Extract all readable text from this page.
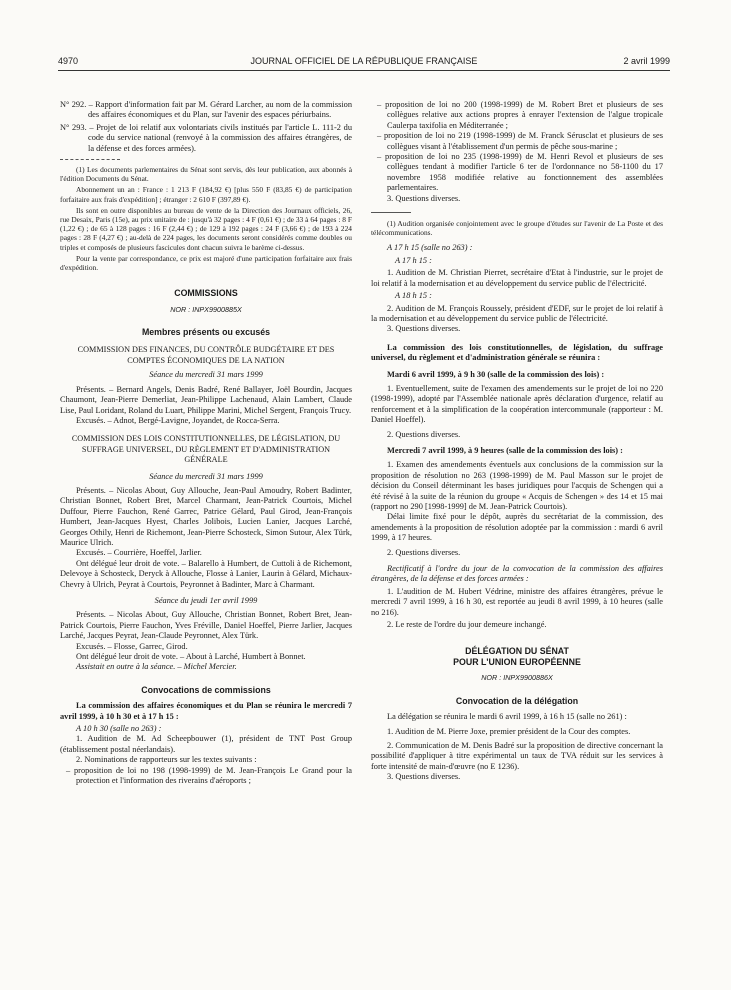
4970	JOURNAL OFFICIEL DE LA RÉPUBLIQUE FRANÇAISE	2 avril 1999

N° 292. – Rapport d'information fait par M. Gérard Larcher, au nom de la commission des affaires économiques et du Plan, sur l'avenir des espaces périurbains.

N° 293. – Projet de loi relatif aux volontariats civils institués par l'article L. 111-2 du code du service national (renvoyé à la commission des affaires étrangères, de la défense et des forces armées).

(1) Les documents parlementaires du Sénat sont servis, dès leur publication, aux abonnés à l'édition Documents du Sénat.

Abonnement un an : France : 1 213 F (184,92 €) [plus 550 F (83,85 €) de participation forfaitaire aux frais d'expédition] ; étranger : 2 610 F (397,89 €).

Ils sont en outre disponibles au bureau de vente de la Direction des Journaux officiels, 26, rue Desaix, Paris (15e), au prix unitaire de : jusqu'à 32 pages : 4 F (0,61 €) ; de 33 à 64 pages : 8 F (1,22 €) ; de 65 à 128 pages : 16 F (2,44 €) ; de 129 à 192 pages : 24 F (3,66 €) ; de 193 à 224 pages : 28 F (4,27 €) ; au-delà de 224 pages, les documents seront considérés comme doubles ou triples et composés de plusieurs fascicules dont chacun suivra le barème ci-dessus.

Pour la vente par correspondance, ce prix est majoré d'une participation forfaitaire aux frais d'expédition.

COMMISSIONS

NOR : INPX9900885X

Membres présents ou excusés

COMMISSION DES FINANCES, DU CONTRÔLE BUDGÉTAIRE ET DES COMPTES ÉCONOMIQUES DE LA NATION

Séance du mercredi 31 mars 1999

Présents. – Bernard Angels, Denis Badré, René Ballayer, Joël Bourdin, Jacques Chaumont, Jean-Pierre Demerliat, Jean-Philippe Lachenaud, Alain Lambert, Claude Lise, Paul Loridant, Roland du Luart, Philippe Marini, Michel Sergent, François Trucy.

Excusés. – Adnot, Bergé-Lavigne, Joyandet, de Rocca-Serra.

COMMISSION DES LOIS CONSTITUTIONNELLES, DE LÉGISLATION, DU SUFFRAGE UNIVERSEL, DU RÈGLEMENT ET D'ADMINISTRATION GÉNÉRALE

Séance du mercredi 31 mars 1999

Présents. – Nicolas About, Guy Allouche, Jean-Paul Amoudry, Robert Badinter, Christian Bonnet, Robert Bret, Marcel Charmant, Jean-Patrick Courtois, Michel Duffour, Pierre Fauchon, René Garrec, Patrice Gélard, Paul Girod, Jean-François Humbert, Jean-Jacques Hyest, Charles Jolibois, Lucien Lanier, Jacques Larché, Georges Othily, Henri de Richemont, Jean-Pierre Schosteck, Simon Sutour, Alex Türk, Maurice Ulrich.

Excusés. – Courrière, Hoeffel, Jarlier.

Ont délégué leur droit de vote. – Balarello à Humbert, de Cuttoli à de Richemont, Delevoye à Schosteck, Deryck à Allouche, Flosse à Lanier, Laurin à Gélard, Michaux-Chevry à Ulrich, Peyrat à Courtois, Peyronnet à Badinter, Marc à Charmant.

Séance du jeudi 1er avril 1999

Présents. – Nicolas About, Guy Allouche, Christian Bonnet, Robert Bret, Jean-Patrick Courtois, Pierre Fauchon, Yves Fréville, Daniel Hoeffel, Pierre Jarlier, Jacques Larché, Jacques Peyrat, Jean-Claude Peyronnet, Alex Türk.

Excusés. – Flosse, Garrec, Girod.

Ont délégué leur droit de vote. – About à Larché, Humbert à Bonnet.

Assistait en outre à la séance. – Michel Mercier.

Convocations de commissions

La commission des affaires économiques et du Plan se réunira le mercredi 7 avril 1999, à 10 h 30 et à 17 h 15 :

A 10 h 30 (salle no 263) :

1. Audition de M. Ad Scheepbouwer (1), président de TNT Post Group (établissement postal néerlandais).

2. Nominations de rapporteurs sur les textes suivants :

– proposition de loi no 198 (1998-1999) de M. Jean-François Le Grand pour la protection et l'information des riverains d'aéroports ;

– proposition de loi no 200 (1998-1999) de M. Robert Bret et plusieurs de ses collègues relative aux actions propres à enrayer l'extension de l'algue tropicale Caulerpa taxifolia en Méditerranée ;

– proposition de loi no 219 (1998-1999) de M. Franck Sérusclat et plusieurs de ses collègues visant à l'établissement d'un permis de pêche sous-marine ;

– proposition de loi no 235 (1998-1999) de M. Henri Revol et plusieurs de ses collègues tendant à modifier l'article 6 ter de l'ordonnance no 58-1100 du 17 novembre 1958 modifiée relative au fonctionnement des assemblées parlementaires.

3. Questions diverses.

(1) Audition organisée conjointement avec le groupe d'études sur l'avenir de La Poste et des télécommunications.

A 17 h 15 (salle no 263) :

A 17 h 15 :

1. Audition de M. Christian Pierret, secrétaire d'Etat à l'industrie, sur le projet de loi relatif à la modernisation et au développement du service public de l'électricité.

A 18 h 15 :

2. Audition de M. François Roussely, président d'EDF, sur le projet de loi relatif à la modernisation et au développement du service public de l'électricité.

3. Questions diverses.

La commission des lois constitutionnelles, de législation, du suffrage universel, du règlement et d'administration générale se réunira :

Mardi 6 avril 1999, à 9 h 30 (salle de la commission des lois) :

1. Eventuellement, suite de l'examen des amendements sur le projet de loi no 220 (1998-1999), adopté par l'Assemblée nationale après déclaration d'urgence, relatif au renforcement et à la simplification de la coopération intercommunale (rapporteur : M. Daniel Hoeffel).

2. Questions diverses.

Mercredi 7 avril 1999, à 9 heures (salle de la commission des lois) :

1. Examen des amendements éventuels aux conclusions de la commission sur la proposition de résolution no 263 (1998-1999) de M. Paul Masson sur le projet de décision du Conseil déterminant les bases juridiques pour l'acquis de Schengen qui a été révisé à la suite de la réunion du groupe « Acquis de Schengen » des 14 et 15 mai (rapport no 290 [1998-1999] de M. Jean-Patrick Courtois).

Délai limite fixé pour le dépôt, auprès du secrétariat de la commission, des amendements à la proposition de résolution adoptée par la commission : mardi 6 avril 1999, à 17 heures.

2. Questions diverses.

Rectificatif à l'ordre du jour de la convocation de la commission des affaires étrangères, de la défense et des forces armées :

1. L'audition de M. Hubert Védrine, ministre des affaires étrangères, prévue le mercredi 7 avril 1999, à 16 h 30, est reportée au jeudi 8 avril 1999, à 10 heures (salle no 216).

2. Le reste de l'ordre du jour demeure inchangé.

DÉLÉGATION DU SÉNAT

POUR L'UNION EUROPÉENNE

NOR : INPX9900886X

Convocation de la délégation

La délégation se réunira le mardi 6 avril 1999, à 16 h 15 (salle no 261) :

1. Audition de M. Pierre Joxe, premier président de la Cour des comptes.

2. Communication de M. Denis Badré sur la proposition de directive concernant la possibilité d'appliquer à titre expérimental un taux de TVA réduit sur les services à forte intensité de main-d'œuvre (no E 1236).

3. Questions diverses.
